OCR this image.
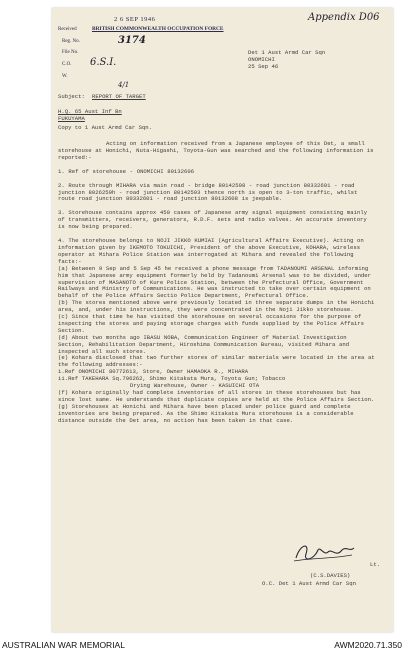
Appendix D06
2 6 SEP 1946
Received	BRITISH COMMONWEALTH OCCUPATION FORCE
Reg. No.	3174
File No.
C.O. 6.S.I.
W.
4/1
Det 1 Aust Armd Car Sqn
ONOMICHI
25 Sep 46
Subject: REPORT OF TARGET
H.Q. 65 Aust Inf Bn
FUKUYAMA
Copy to 1 Aust Armd Car Sqn.

Acting on information received from a Japanese employee of this Det, a small storehouse at Honichi, Nuta-Higashi, Toyota-Gun was searched and the following information is reported:-

1. Ref of storehouse - ONOMICHI 80132606

2. Route through MIHARA via main road - bridge 80142598 - road junction 80332601 - road junction 8026259h - road junction 80142593 thence north is open to 3-ton traffic, whilst route road junction 80332601 - road junction 80132608 is jeepable.

3. Storehouse contains approx 450 cases of Japanese army signal equipment consisting mainly of transmitters, receivers, generators, R.D.F. sets and radio valves. An accurate inventory is now being prepared.

4. The storehouse belongs to NOJI JIKKO KUMIAI (Agricultural Affairs Executive). Acting on information given by IKEMOTO TOKUICHI, President of the above Executive, KOHARA, wireless operator at Mihara Police Station was interrogated at Mihara and revealed the following facts:-

(a) Between 9 Sep and 5 Sep 45 he received a phone message from TADANOUMI ARSENAL informing him that Japanese army equipment formerly held by Tadanoumi Arsenal was to be divided, under supervision of MASANOTO of Kure Police Station, between the Prefectural Office, Government Railways and Ministry of Communications. He was instructed to take over certain equipment on behalf of the Police Affairs Sectio Police Department, Prefectural Office.

(b) The stores mentioned above were previously located in three separate dumps in the Honichi area, and, under his instructions, they were concentrated in the Noji Jikko storehouse.

(c) Since that time he has visited the storehouse on several occasions for the purpose of inspecting the stores and paying storage charges with funds supplied by the Police Affairs Section.

(d) About two months ago IBASU NOBA, Communication Engineer of Material Investigation Section, Rehabilitation Department, Hiroshima Communication Bureau, visited Mihara and inspected all such stores.

(e) Kohara disclosed that two further stores of similar materials were located in the area at the following addresses:-

i.Ref ONOMICHI 80772613, Store, Owner HAMAOKA R., MIHARA

ii.Ref TAKEHARA Sq.796262, Shimo Kitakata Mura, Toyota Gun; Tobacco

Drying Warehouse, Owner - KASUICHI OTA

(f) Kohara originally had complete inventories of all stores in these storehouses but has since lost same. He understands that duplicate copies are held at the Police Affairs Section.

(g) Storehouses at Honichi and Mihara have been placed under police guard and complete inventories are being prepared. As the Shimo Kitakata Mura storehouse is a considerable distance outside the Det area, no action has been taken in that case.

Lt.
(C.S.DAVIES)
O.C. Det 1 Aust Armd Car Sqn
AUSTRALIAN WAR MEMORIAL	AWM2020.71.350
